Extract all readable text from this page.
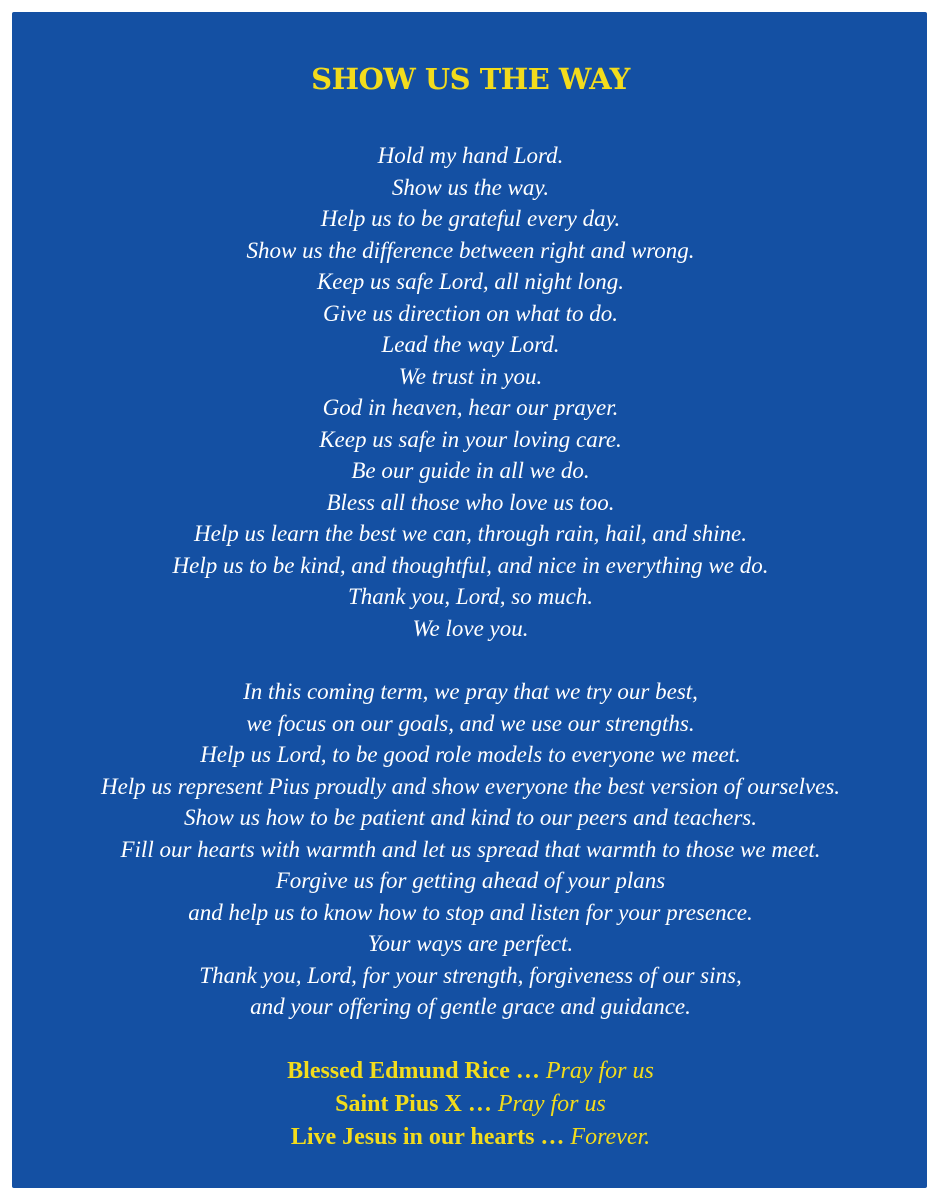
SHOW US THE WAY
Hold my hand Lord.
Show us the way.
Help us to be grateful every day.
Show us the difference between right and wrong.
Keep us safe Lord, all night long.
Give us direction on what to do.
Lead the way Lord.
We trust in you.
God in heaven, hear our prayer.
Keep us safe in your loving care.
Be our guide in all we do.
Bless all those who love us too.
Help us learn the best we can, through rain, hail, and shine.
Help us to be kind, and thoughtful, and nice in everything we do.
Thank you, Lord, so much.
We love you.
In this coming term, we pray that we try our best,
we focus on our goals, and we use our strengths.
Help us Lord, to be good role models to everyone we meet.
Help us represent Pius proudly and show everyone the best version of ourselves.
Show us how to be patient and kind to our peers and teachers.
Fill our hearts with warmth and let us spread that warmth to those we meet.
Forgive us for getting ahead of your plans
and help us to know how to stop and listen for your presence.
Your ways are perfect.
Thank you, Lord, for your strength, forgiveness of our sins,
and your offering of gentle grace and guidance.
Blessed Edmund Rice … Pray for us
Saint Pius X … Pray for us
Live Jesus in our hearts … Forever.
